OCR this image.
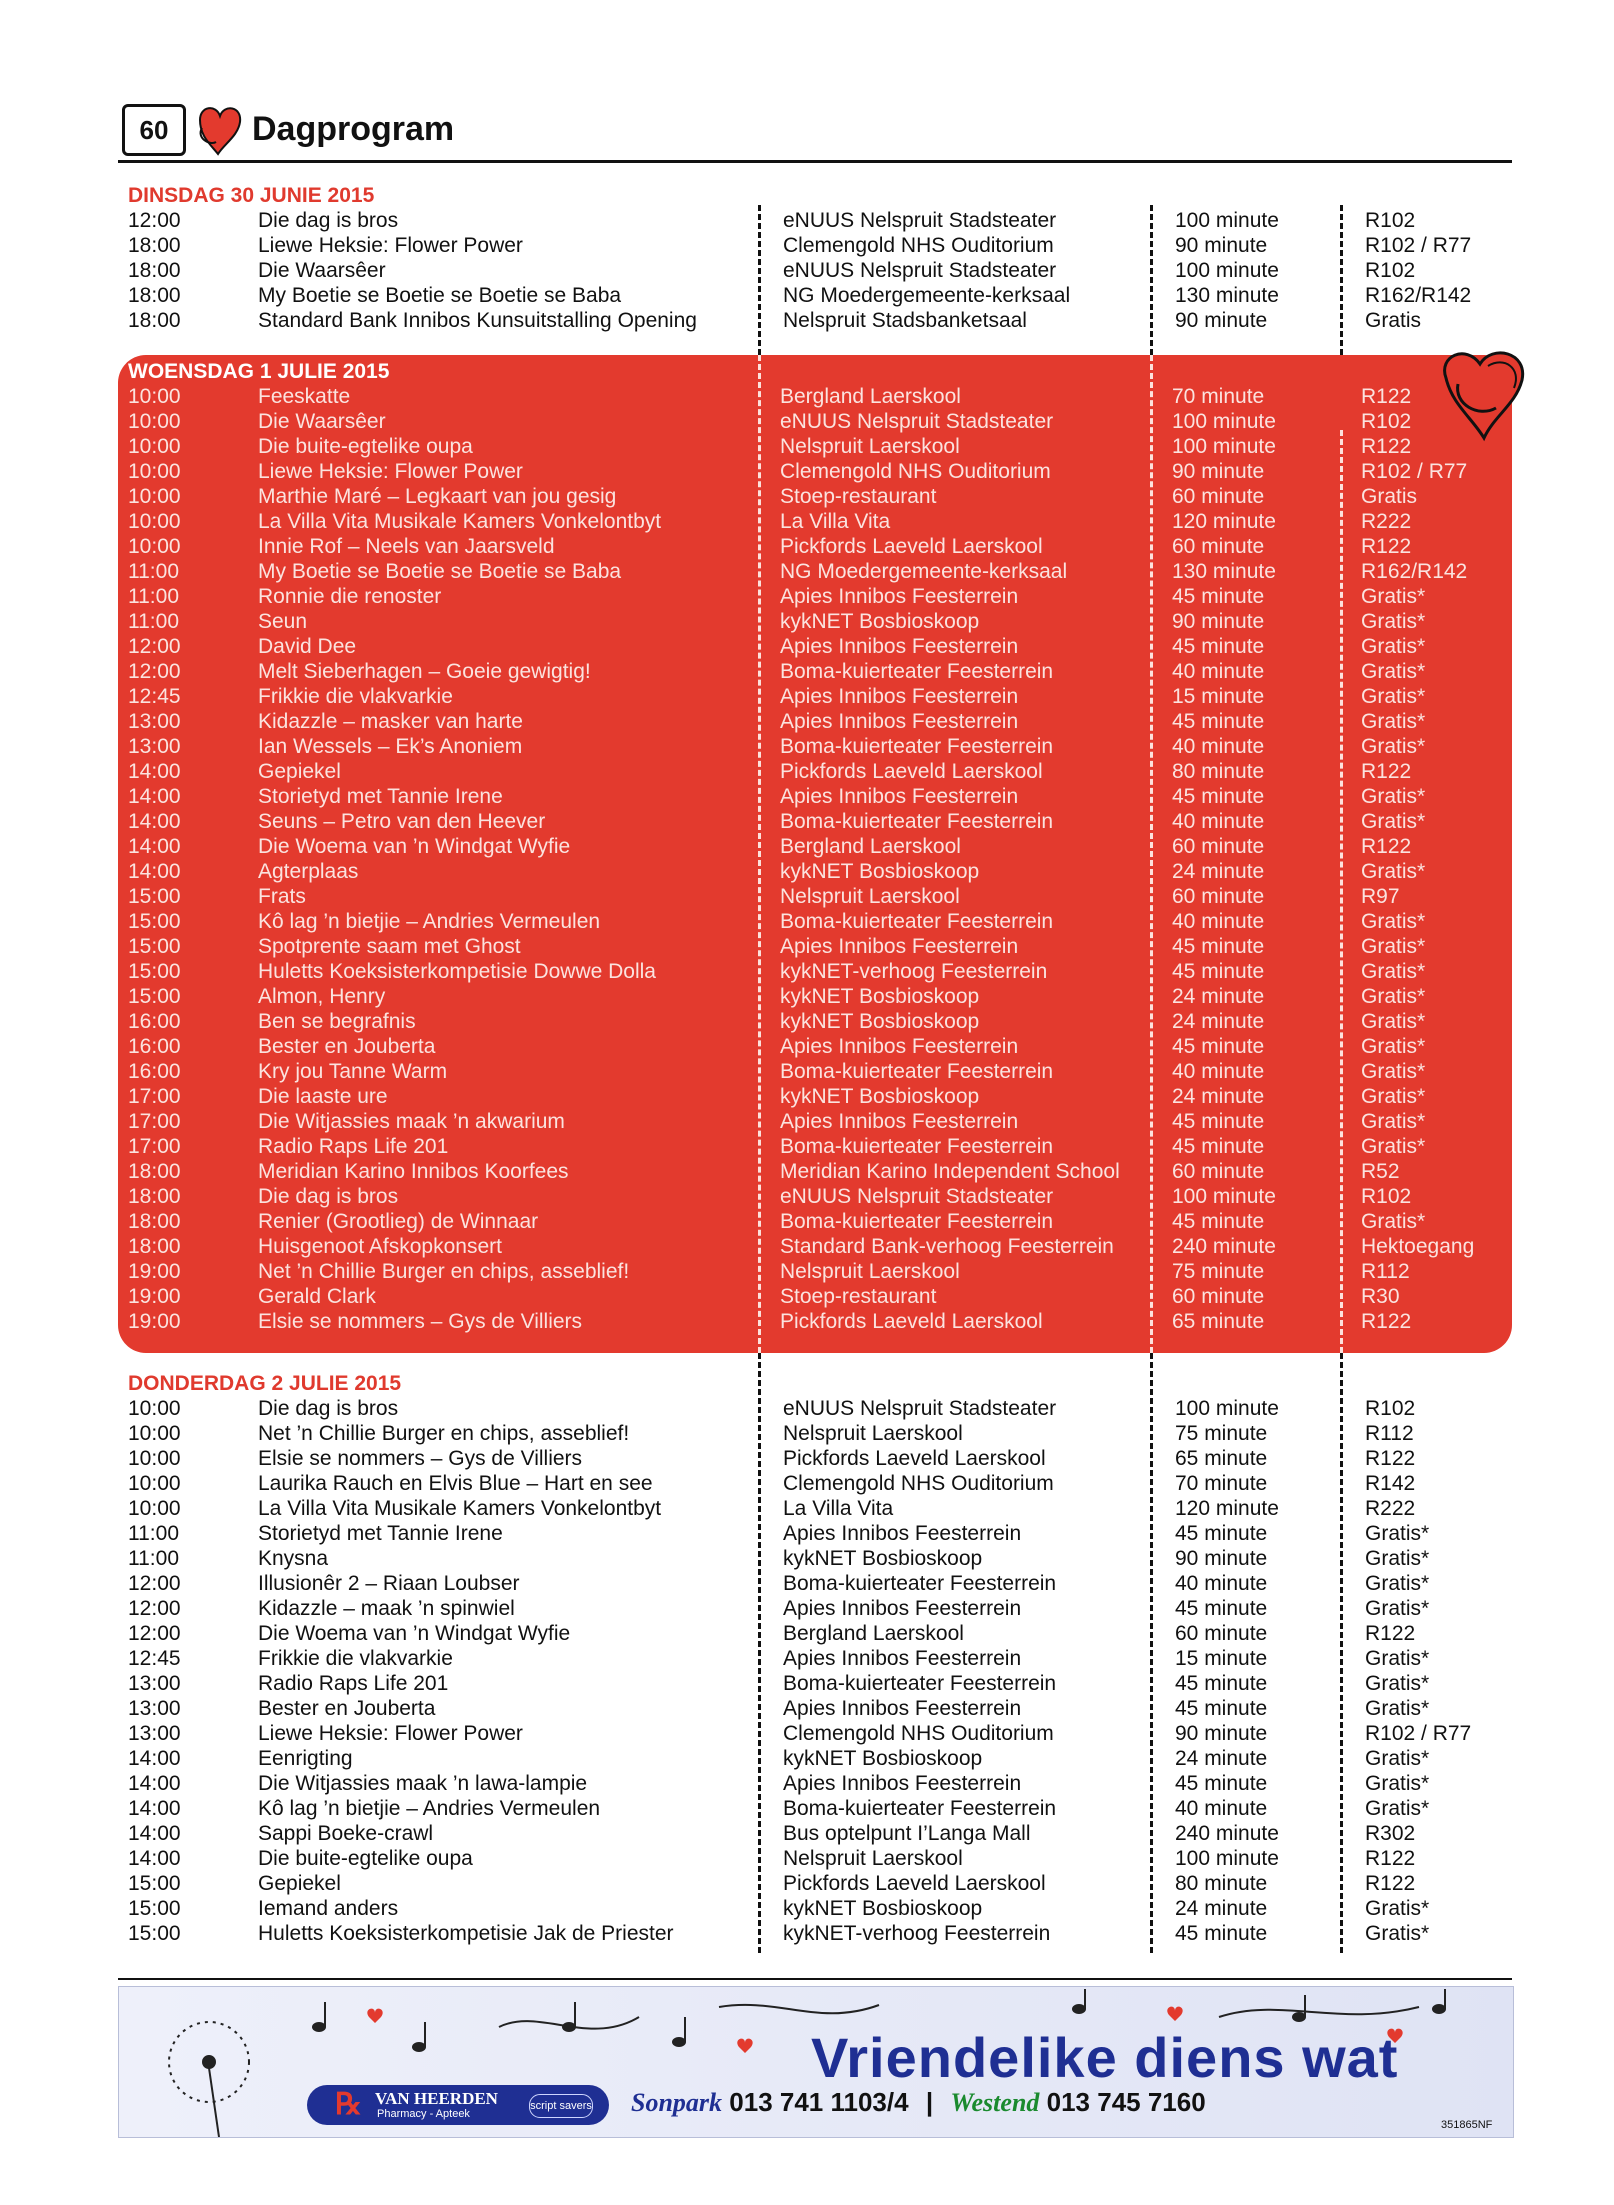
60	Dagprogram
DINSDAG 30 JUNIE 2015
12:00	Die dag is bros	eNUUS Nelspruit Stadsteater	100 minute	R102
18:00	Liewe Heksie: Flower Power	Clemengold NHS Ouditorium	90 minute	R102 / R77
18:00	Die Waarsêer	eNUUS Nelspruit Stadsteater	100 minute	R102
18:00	My Boetie se Boetie se Boetie se Baba	NG Moedergemeente-kerksaal	130 minute	R162/R142
18:00	Standard Bank Innibos Kunsuitstalling Opening	Nelspruit Stadsbanketsaal	90 minute	Gratis
WOENSDAG 1 JULIE 2015
10:00	Feeskatte	Bergland Laerskool	70 minute	R122
10:00	Die Waarsêer	eNUUS Nelspruit Stadsteater	100 minute	R102
10:00	Die buite-egtelike oupa	Nelspruit Laerskool	100 minute	R122
10:00	Liewe Heksie: Flower Power	Clemengold NHS Ouditorium	90 minute	R102 / R77
10:00	Marthie Maré – Legkaart van jou gesig	Stoep-restaurant	60 minute	Gratis
10:00	La Villa Vita Musikale Kamers Vonkelontbyt	La Villa Vita	120 minute	R222
10:00	Innie Rof – Neels van Jaarsveld	Pickfords Laeveld Laerskool	60 minute	R122
11:00	My Boetie se Boetie se Boetie se Baba	NG Moedergemeente-kerksaal	130 minute	R162/R142
11:00	Ronnie die renoster	Apies Innibos Feesterrein	45 minute	Gratis*
11:00	Seun	kykNET Bosbioskoop	90 minute	Gratis*
12:00	David Dee	Apies Innibos Feesterrein	45 minute	Gratis*
12:00	Melt Sieberhagen – Goeie gewigtig!	Boma-kuierteater Feesterrein	40 minute	Gratis*
12:45	Frikkie die vlakvarkie	Apies Innibos Feesterrein	15 minute	Gratis*
13:00	Kidazzle – masker van harte	Apies Innibos Feesterrein	45 minute	Gratis*
13:00	Ian Wessels – Ek’s Anoniem	Boma-kuierteater Feesterrein	40 minute	Gratis*
14:00	Gepiekel	Pickfords Laeveld Laerskool	80 minute	R122
14:00	Storietyd met Tannie Irene	Apies Innibos Feesterrein	45 minute	Gratis*
14:00	Seuns – Petro van den Heever	Boma-kuierteater Feesterrein	40 minute	Gratis*
14:00	Die Woema van ’n Windgat Wyfie	Bergland Laerskool	60 minute	R122
14:00	Agterplaas	kykNET Bosbioskoop	24 minute	Gratis*
15:00	Frats	Nelspruit Laerskool	60 minute	R97
15:00	Kô lag ’n bietjie – Andries Vermeulen	Boma-kuierteater Feesterrein	40 minute	Gratis*
15:00	Spotprente saam met Ghost	Apies Innibos Feesterrein	45 minute	Gratis*
15:00	Huletts Koeksisterkompetisie Dowwe Dolla	kykNET-verhoog Feesterrein	45 minute	Gratis*
15:00	Almon, Henry	kykNET Bosbioskoop	24 minute	Gratis*
16:00	Ben se begrafnis	kykNET Bosbioskoop	24 minute	Gratis*
16:00	Bester en Jouberta	Apies Innibos Feesterrein	45 minute	Gratis*
16:00	Kry jou Tanne Warm	Boma-kuierteater Feesterrein	40 minute	Gratis*
17:00	Die laaste ure	kykNET Bosbioskoop	24 minute	Gratis*
17:00	Die Witjassies maak ’n akwarium	Apies Innibos Feesterrein	45 minute	Gratis*
17:00	Radio Raps Life 201	Boma-kuierteater Feesterrein	45 minute	Gratis*
18:00	Meridian Karino Innibos Koorfees	Meridian Karino Independent School	60 minute	R52
18:00	Die dag is bros	eNUUS Nelspruit Stadsteater	100 minute	R102
18:00	Renier (Grootlieg) de Winnaar	Boma-kuierteater Feesterrein	45 minute	Gratis*
18:00	Huisgenoot Afskopkonsert	Standard Bank-verhoog Feesterrein	240 minute	Hektoegang
19:00	Net ’n Chillie Burger en chips, asseblief!	Nelspruit Laerskool	75 minute	R112
19:00	Gerald Clark	Stoep-restaurant	60 minute	R30
19:00	Elsie se nommers – Gys de Villiers	Pickfords Laeveld Laerskool	65 minute	R122
DONDERDAG 2 JULIE 2015
10:00	Die dag is bros	eNUUS Nelspruit Stadsteater	100 minute	R102
10:00	Net ’n Chillie Burger en chips, asseblief!	Nelspruit Laerskool	75 minute	R112
10:00	Elsie se nommers – Gys de Villiers	Pickfords Laeveld Laerskool	65 minute	R122
10:00	Laurika Rauch en Elvis Blue – Hart en see	Clemengold NHS Ouditorium	70 minute	R142
10:00	La Villa Vita Musikale Kamers Vonkelontbyt	La Villa Vita	120 minute	R222
11:00	Storietyd met Tannie Irene	Apies Innibos Feesterrein	45 minute	Gratis*
11:00	Knysna	kykNET Bosbioskoop	90 minute	Gratis*
12:00	Illusionêr 2 – Riaan Loubser	Boma-kuierteater Feesterrein	40 minute	Gratis*
12:00	Kidazzle – maak ’n spinwiel	Apies Innibos Feesterrein	45 minute	Gratis*
12:00	Die Woema van ’n Windgat Wyfie	Bergland Laerskool	60 minute	R122
12:45	Frikkie die vlakvarkie	Apies Innibos Feesterrein	15 minute	Gratis*
13:00	Radio Raps Life 201	Boma-kuierteater Feesterrein	45 minute	Gratis*
13:00	Bester en Jouberta	Apies Innibos Feesterrein	45 minute	Gratis*
13:00	Liewe Heksie: Flower Power	Clemengold NHS Ouditorium	90 minute	R102 / R77
14:00	Eenrigting	kykNET Bosbioskoop	24 minute	Gratis*
14:00	Die Witjassies maak ’n lawa-lampie	Apies Innibos Feesterrein	45 minute	Gratis*
14:00	Kô lag ’n bietjie – Andries Vermeulen	Boma-kuierteater Feesterrein	40 minute	Gratis*
14:00	Sappi Boeke-crawl	Bus optelpunt I’Langa Mall	240 minute	R302
14:00	Die buite-egtelike oupa	Nelspruit Laerskool	100 minute	R122
15:00	Gepiekel	Pickfords Laeveld Laerskool	80 minute	R122
15:00	Iemand anders	kykNET Bosbioskoop	24 minute	Gratis*
15:00	Huletts Koeksisterkompetisie Jak de Priester	kykNET-verhoog Feesterrein	45 minute	Gratis*
Vriendelike diens wat
℞ VAN HEERDEN
Pharmacy - Apteek
script savers Sonpark 013 741 1103/4 | Westend 013 745 7160
351865NF
